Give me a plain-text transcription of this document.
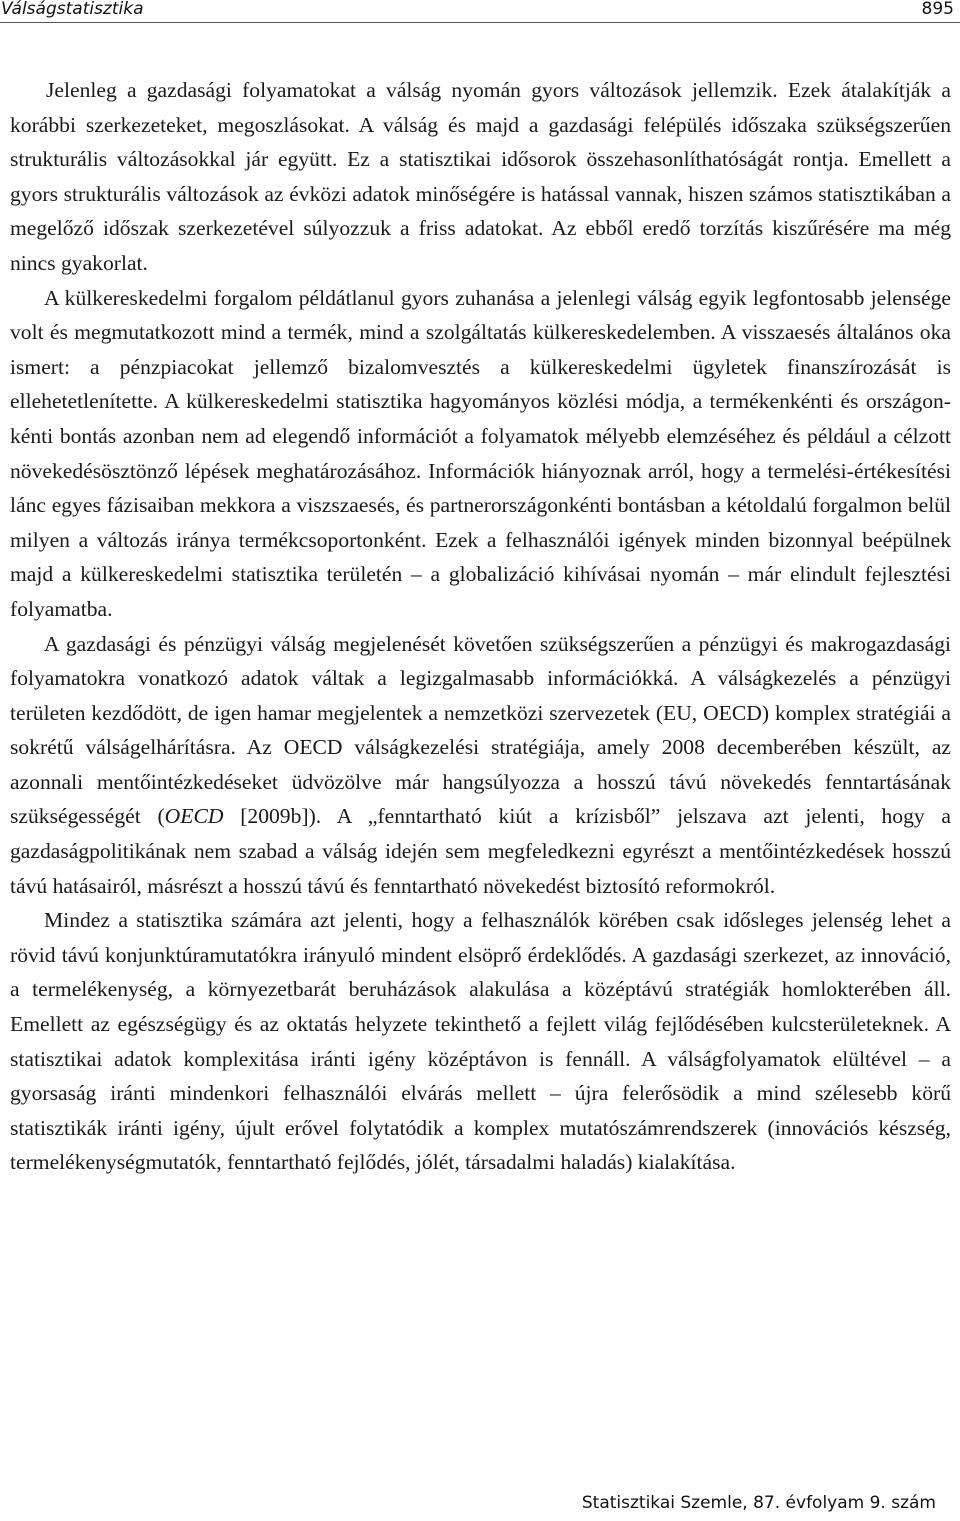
Válságstatisztika	895

Jelenleg a gazdasági folyamatokat a válság nyomán gyors változások jellemzik. Ezek átalakítják a korábbi szerkezeteket, megoszlásokat. A válság és majd a gazdasági felépülés időszaka szükségszerűen strukturális változásokkal jár együtt. Ez a statisztikai idősorok összehasonlíthatóságát rontja. Emellett a gyors strukturális változások az évközi adatok minőségére is hatással vannak, hiszen számos statisztikában a megelőző időszak szerkezetével súlyozzuk a friss adatokat. Az ebből eredő torzítás kiszűrésére ma még nincs gyakorlat.

A külkereskedelmi forgalom példátlanul gyors zuhanása a jelenlegi válság egyik legfontosabb jelensége volt és megmutatkozott mind a termék, mind a szolgáltatás külkereskedelemben. A visszaesés általános oka ismert: a pénzpiacokat jellemző bizalomvesztés a külkereskedelmi ügyletek finanszírozását is ellehetetlenítette. A külkereskedelmi statisztika hagyományos közlési módja, a termékenkénti és országonkénti bontás azonban nem ad elegendő információt a folyamatok mélyebb elemzéséhez és például a célzott növekedésösztönző lépések meghatározásához. Információk hiányoznak arról, hogy a termelési-értékesítési lánc egyes fázisaiban mekkora a viszszaesés, és partnerországonkénti bontásban a kétoldalú forgalmon belül milyen a változás iránya termékcsoportonként. Ezek a felhasználói igények minden bizonnyal beépülnek majd a külkereskedelmi statisztika területén – a globalizáció kihívásai nyomán – már elindult fejlesztési folyamatba.

A gazdasági és pénzügyi válság megjelenését követően szükségszerűen a pénzügyi és makrogazdasági folyamatokra vonatkozó adatok váltak a legizgalmasabb információkká. A válságkezelés a pénzügyi területen kezdődött, de igen hamar megjelentek a nemzetközi szervezetek (EU, OECD) komplex stratégiái a sokrétű válságelhárításra. Az OECD válságkezelési stratégiája, amely 2008 decemberében készült, az azonnali mentőintézkedéseket üdvözölve már hangsúlyozza a hosszú távú növekedés fenntartásának szükségességét (OECD [2009b]). A „fenntartható kiút a krízisből” jelszava azt jelenti, hogy a gazdaságpolitikának nem szabad a válság idején sem megfeledkezni egyrészt a mentőintézkedések hosszú távú hatásairól, másrészt a hosszú távú és fenntartható növekedést biztosító reformokról.

Mindez a statisztika számára azt jelenti, hogy a felhasználók körében csak idősleges jelenség lehet a rövid távú konjunktúramutatókra irányuló mindent elsöprő érdeklődés. A gazdasági szerkezet, az innováció, a termelékenység, a környezetbarát beruházások alakulása a középtávú stratégiák homlokterében áll. Emellett az egészségügy és az oktatás helyzete tekinthető a fejlett világ fejlődésében kulcsterületeknek. A statisztikai adatok komplexitása iránti igény középtávon is fennáll. A válságfolyamatok elültével – a gyorsaság iránti mindenkori felhasználói elvárás mellett – újra felerősödik a mind szélesebb körű statisztikák iránti igény, újult erővel folytatódik a komplex mutatószámrendszerek (innovációs készség, termelékenységmutatók, fenntartható fejlődés, jólét, társadalmi haladás) kialakítása.

Statisztikai Szemle, 87. évfolyam 9. szám
